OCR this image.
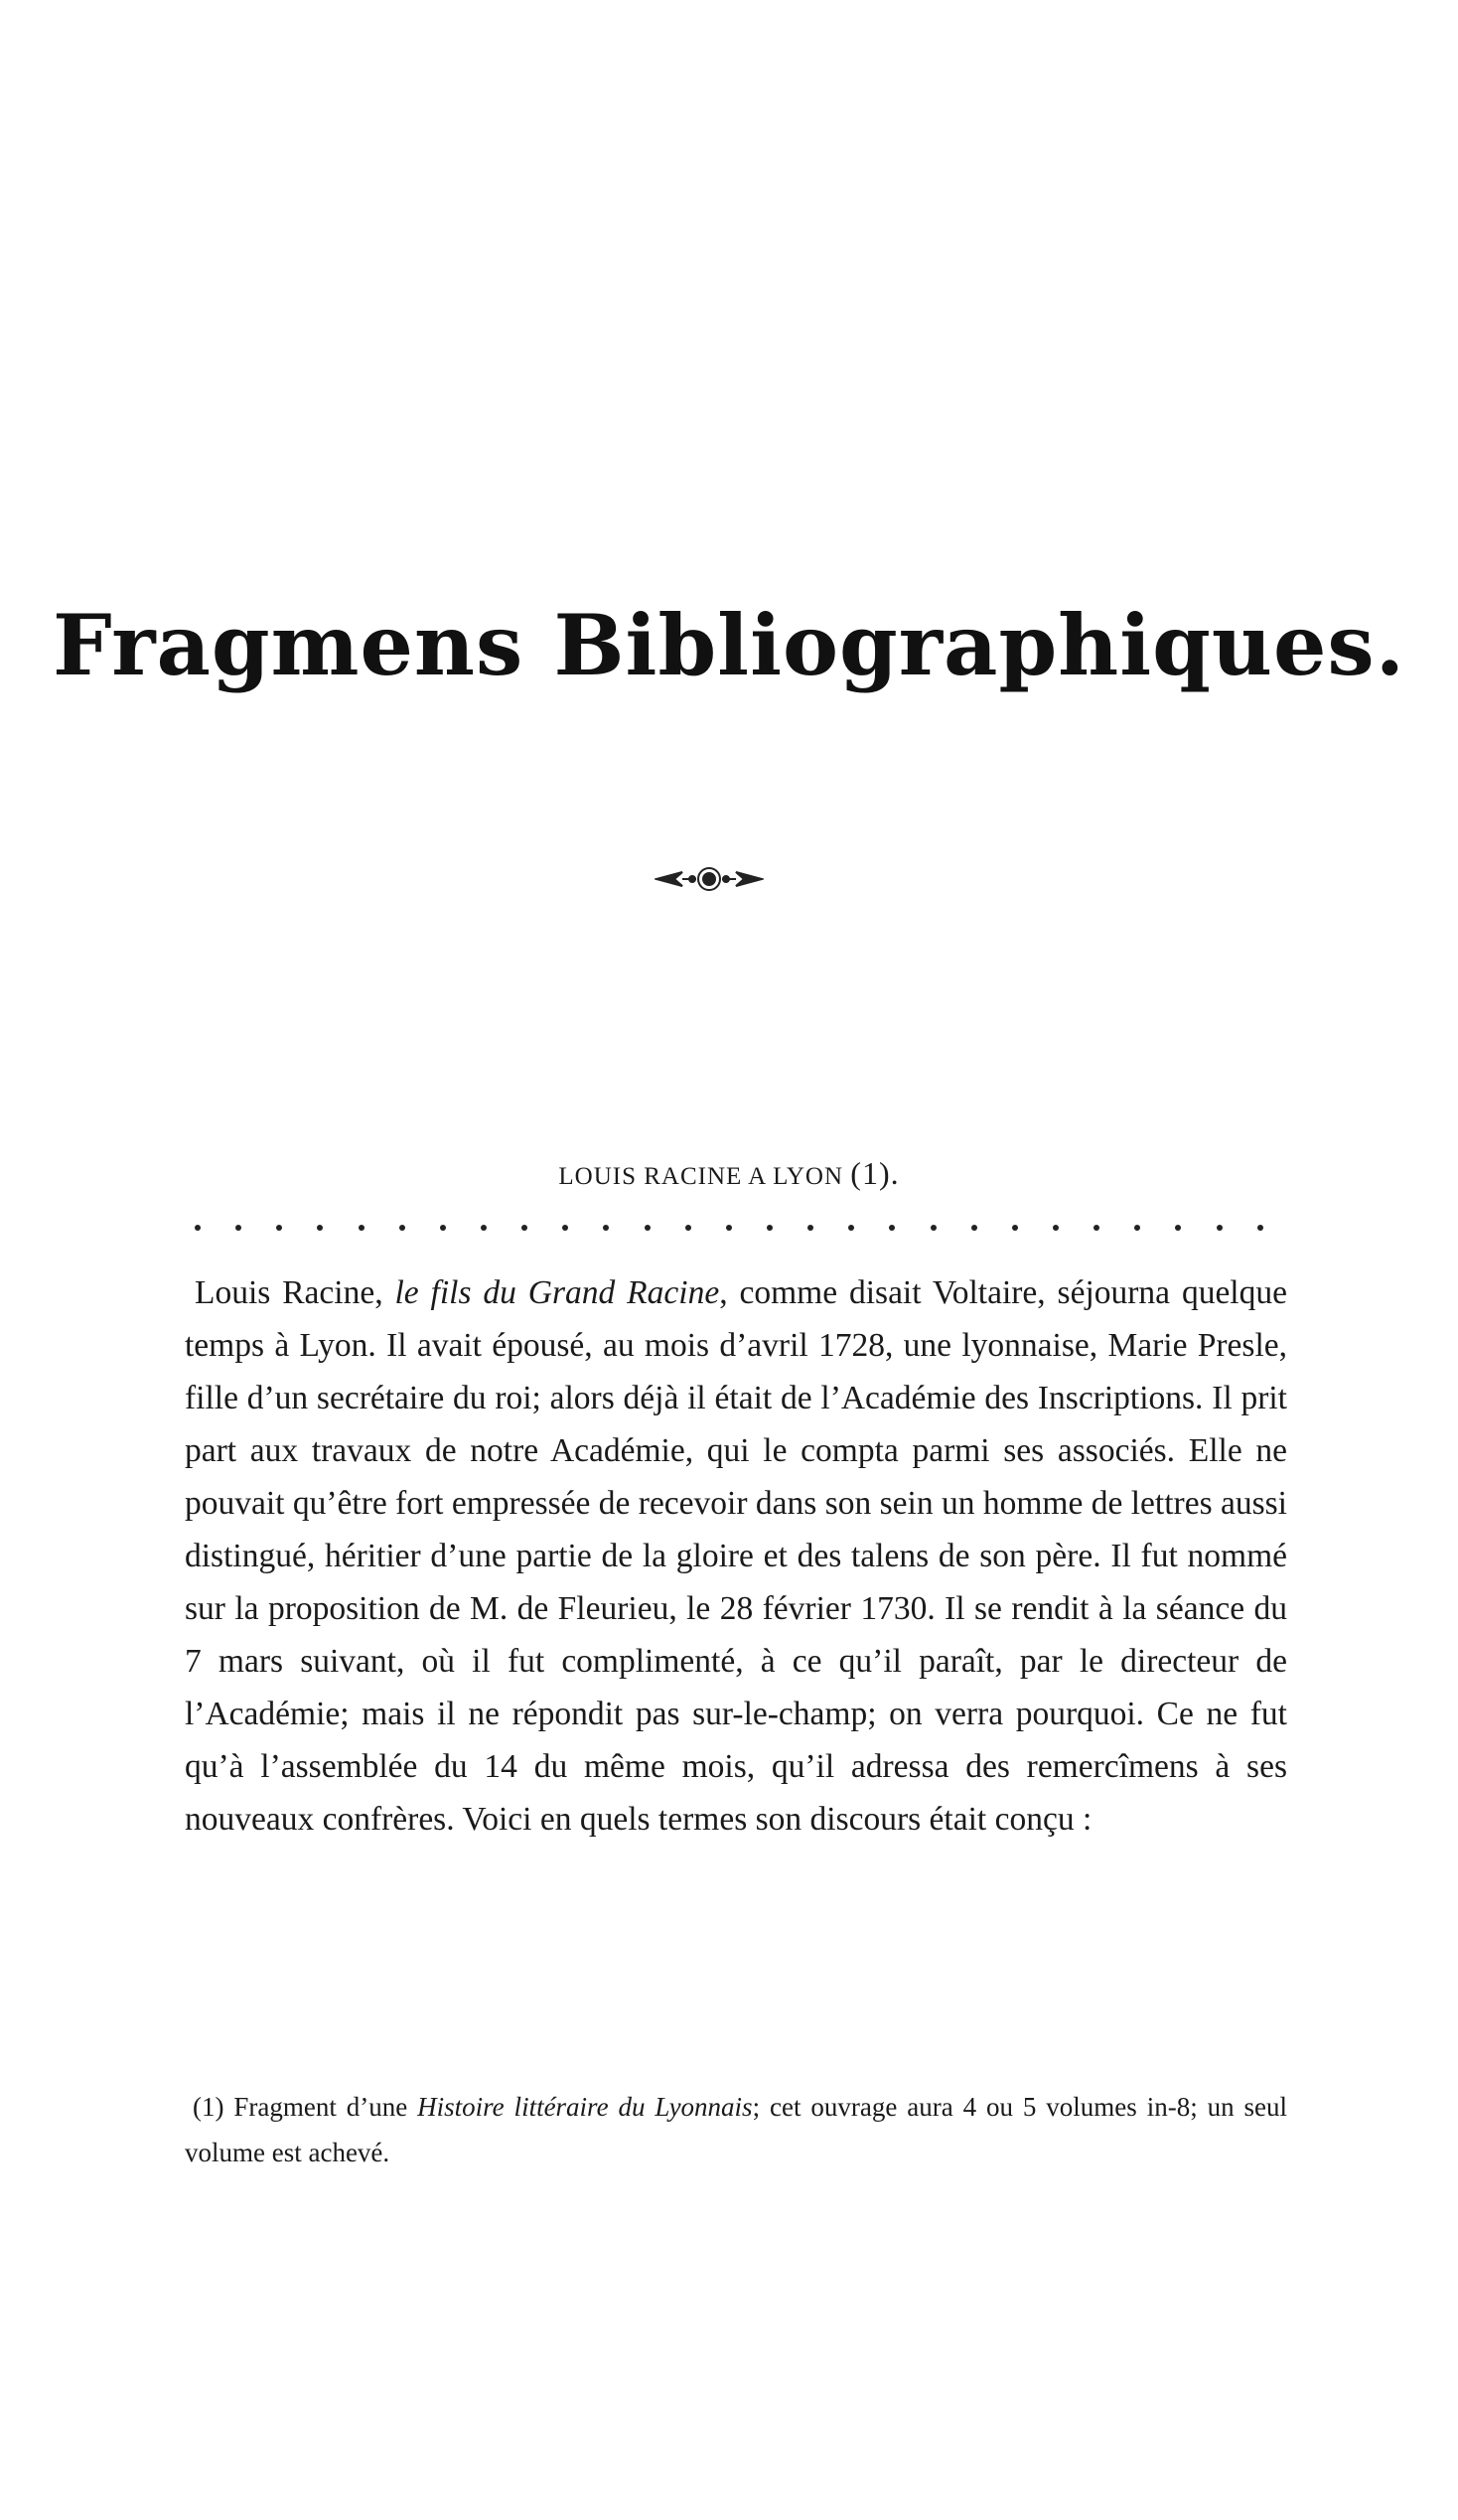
Fragmens Bibliographiques.
LOUIS RACINE A LYON (1).

Louis Racine, le fils du Grand Racine, comme disait Voltaire, séjourna quelque temps à Lyon. Il avait épousé, au mois d’avril 1728, une lyonnaise, Marie Presle, fille d’un secrétaire du roi; alors déjà il était de l’Académie des Inscriptions. Il prit part aux travaux de notre Académie, qui le compta parmi ses associés. Elle ne pouvait qu’être fort empressée de recevoir dans son sein un homme de lettres aussi distingué, héritier d’une partie de la gloire et des talens de son père. Il fut nommé sur la proposition de M. de Fleurieu, le 28 février 1730. Il se rendit à la séance du 7 mars suivant, où il fut complimenté, à ce qu’il paraît, par le directeur de l’Académie; mais il ne répondit pas sur-le-champ; on verra pourquoi. Ce ne fut qu’à l’assemblée du 14 du même mois, qu’il adressa des remercîmens à ses nouveaux confrères. Voici en quels termes son discours était conçu :

(1) Fragment d’une Histoire littéraire du Lyonnais; cet ouvrage aura 4 ou 5 volumes in-8; un seul volume est achevé.
